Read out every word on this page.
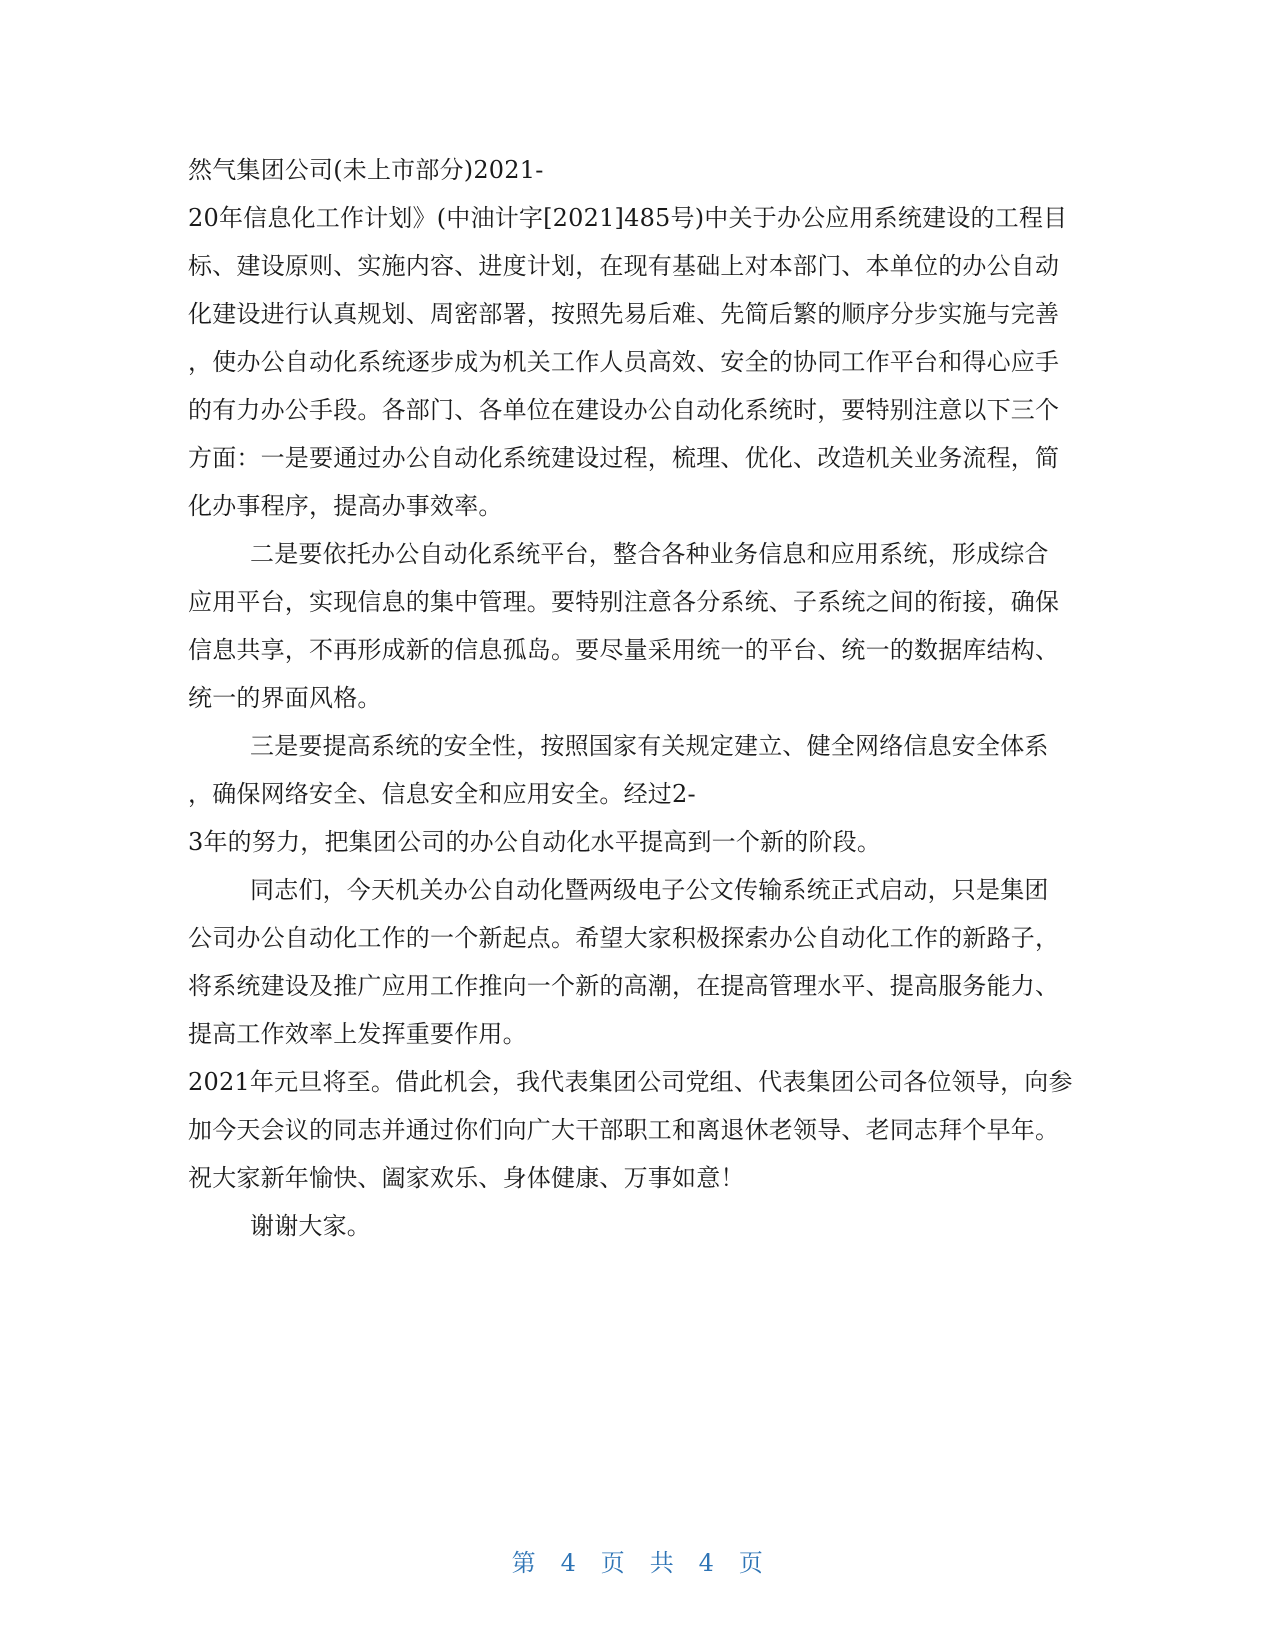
然气集团公司(未上市部分)2021-
20年信息化工作计划》(中油计字[2021]485号)中关于办公应用系统建设的工程目
标、建设原则、实施内容、进度计划，在现有基础上对本部门、本单位的办公自动
化建设进行认真规划、周密部署，按照先易后难、先简后繁的顺序分步实施与完善
，使办公自动化系统逐步成为机关工作人员高效、安全的协同工作平台和得心应手
的有力办公手段。各部门、各单位在建设办公自动化系统时，要特别注意以下三个
方面：一是要通过办公自动化系统建设过程，梳理、优化、改造机关业务流程，简
化办事程序，提高办事效率。
二是要依托办公自动化系统平台，整合各种业务信息和应用系统，形成综合
应用平台，实现信息的集中管理。要特别注意各分系统、子系统之间的衔接，确保
信息共享，不再形成新的信息孤岛。要尽量采用统一的平台、统一的数据库结构、
统一的界面风格。
三是要提高系统的安全性，按照国家有关规定建立、健全网络信息安全体系
，确保网络安全、信息安全和应用安全。经过2-
3年的努力，把集团公司的办公自动化水平提高到一个新的阶段。
同志们，今天机关办公自动化暨两级电子公文传输系统正式启动，只是集团
公司办公自动化工作的一个新起点。希望大家积极探索办公自动化工作的新路子，
将系统建设及推广应用工作推向一个新的高潮，在提高管理水平、提高服务能力、
提高工作效率上发挥重要作用。
2021年元旦将至。借此机会，我代表集团公司党组、代表集团公司各位领导，向参
加今天会议的同志并通过你们向广大干部职工和离退休老领导、老同志拜个早年。
祝大家新年愉快、阖家欢乐、身体健康、万事如意！
谢谢大家。
第 4 页 共 4 页
